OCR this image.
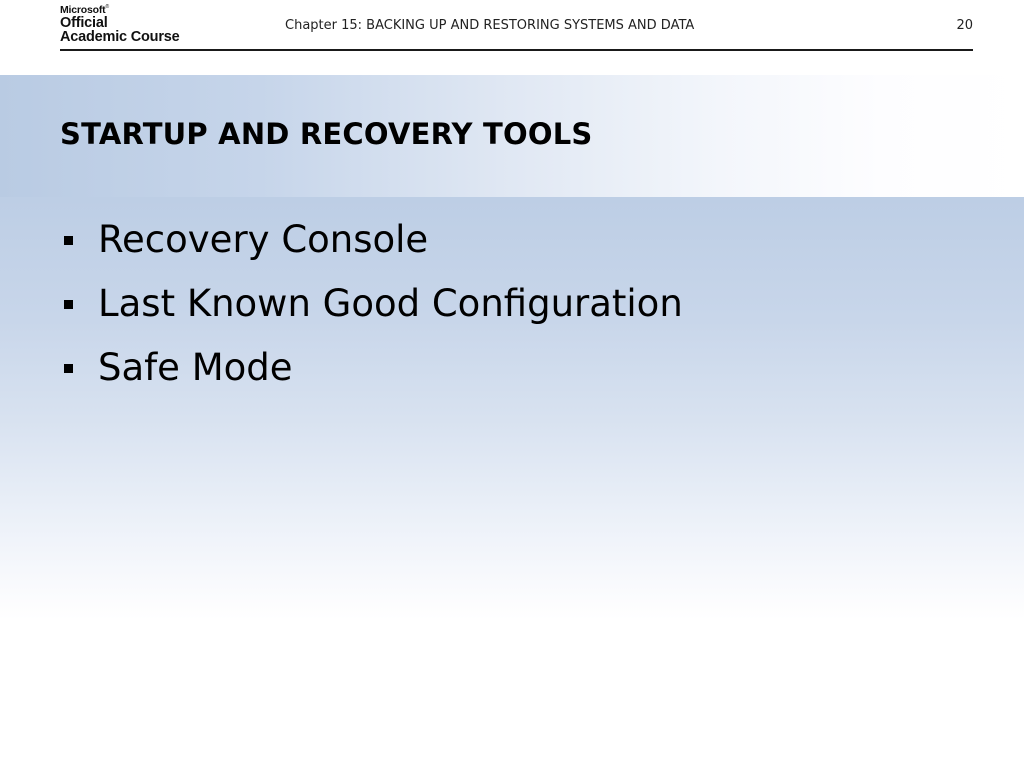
Microsoft®
Official
Academic Course
Chapter 15: BACKING UP AND RESTORING SYSTEMS AND DATA	20
STARTUP AND RECOVERY TOOLS
Recovery Console
Last Known Good Configuration
Safe Mode
